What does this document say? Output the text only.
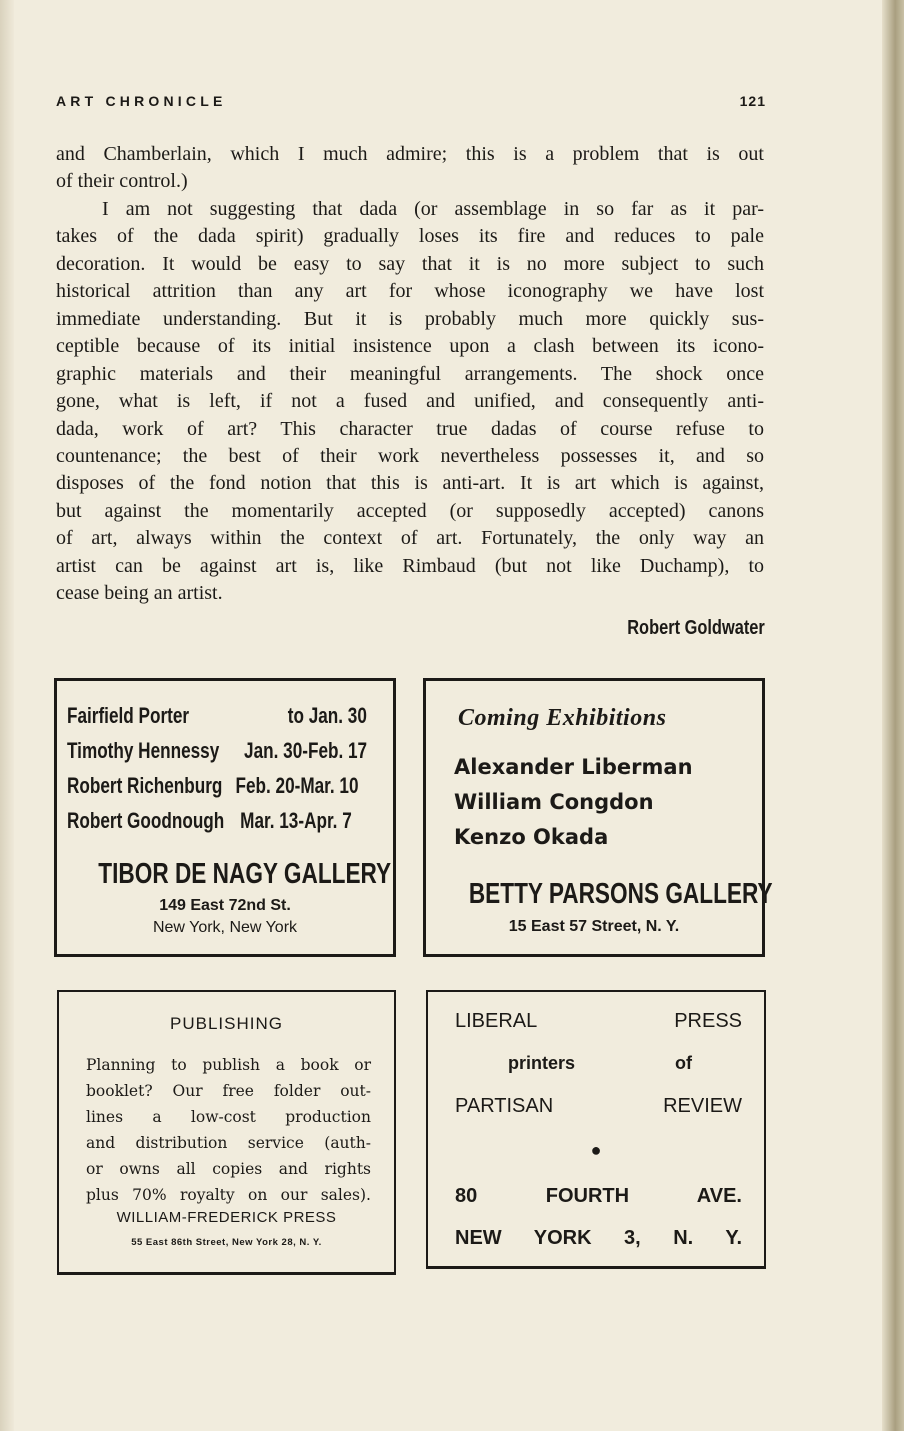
ART CHRONICLE	121
and Chamberlain, which I much admire; this is a problem that is out
of their control.)
I am not suggesting that dada (or assemblage in so far as it par-
takes of the dada spirit) gradually loses its fire and reduces to pale
decoration. It would be easy to say that it is no more subject to such
historical attrition than any art for whose iconography we have lost
immediate understanding. But it is probably much more quickly sus-
ceptible because of its initial insistence upon a clash between its icono-
graphic materials and their meaningful arrangements. The shock once
gone, what is left, if not a fused and unified, and consequently anti-
dada, work of art? This character true dadas of course refuse to
countenance; the best of their work nevertheless possesses it, and so
disposes of the fond notion that this is anti-art. It is art which is against,
but against the momentarily accepted (or supposedly accepted) canons
of art, always within the context of art. Fortunately, the only way an
artist can be against art is, like Rimbaud (but not like Duchamp), to
cease being an artist.
Robert Goldwater
Fairfield Porter	to Jan. 30
Timothy Hennessy Jan. 30-Feb. 17
Robert Richenburg Feb. 20-Mar. 10
Robert Goodnough Mar. 13-Apr. 7
TIBOR DE NAGY GALLERY
149 East 72nd St.
New York, New York
Coming Exhibitions
Alexander Liberman
William Congdon
Kenzo Okada
BETTY PARSONS GALLERY
15 East 57 Street, N. Y.
PUBLISHING
Planning to publish a book or
booklet? Our free folder out-
lines a low-cost production
and distribution service (auth-
or owns all copies and rights
plus 70% royalty on our sales).
WILLIAM-FREDERICK PRESS
55 East 86th Street, New York 28, N. Y.
LIBERAL PRESS
printers of
PARTISAN REVIEW
●
80 FOURTH AVE.
NEW YORK 3, N. Y.
